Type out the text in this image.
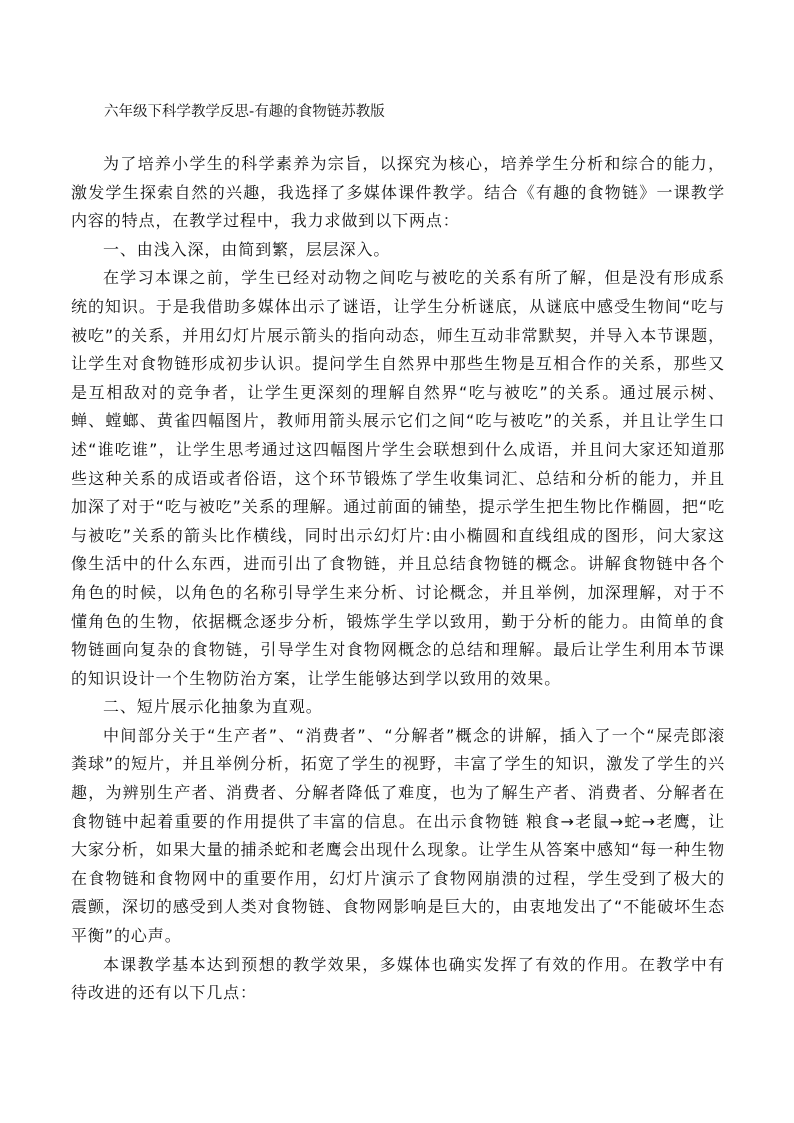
六年级下科学教学反思-有趣的食物链苏教版

为了培养小学生的科学素养为宗旨，以探究为核心，培养学生分析和综合的能力，激发学生探索自然的兴趣，我选择了多媒体课件教学。结合《有趣的食物链》一课教学内容的特点，在教学过程中，我力求做到以下两点：

一、由浅入深，由简到繁，层层深入。

在学习本课之前，学生已经对动物之间吃与被吃的关系有所了解，但是没有形成系统的知识。于是我借助多媒体出示了谜语，让学生分析谜底，从谜底中感受生物间“吃与被吃”的关系，并用幻灯片展示箭头的指向动态，师生互动非常默契，并导入本节课题，让学生对食物链形成初步认识。提问学生自然界中那些生物是互相合作的关系，那些又是互相敌对的竞争者，让学生更深刻的理解自然界“吃与被吃”的关系。通过展示树、蝉、螳螂、黄雀四幅图片，教师用箭头展示它们之间“吃与被吃”的关系，并且让学生口述“谁吃谁”，让学生思考通过这四幅图片学生会联想到什么成语，并且问大家还知道那些这种关系的成语或者俗语，这个环节锻炼了学生收集词汇、总结和分析的能力，并且加深了对于“吃与被吃”关系的理解。通过前面的铺垫，提示学生把生物比作椭圆，把“吃与被吃”关系的箭头比作横线，同时出示幻灯片:由小椭圆和直线组成的图形，问大家这像生活中的什么东西，进而引出了食物链，并且总结食物链的概念。讲解食物链中各个角色的时候，以角色的名称引导学生来分析、讨论概念，并且举例，加深理解，对于不懂角色的生物，依据概念逐步分析，锻炼学生学以致用，勤于分析的能力。由简单的食物链画向复杂的食物链，引导学生对食物网概念的总结和理解。最后让学生利用本节课的知识设计一个生物防治方案，让学生能够达到学以致用的效果。

二、短片展示化抽象为直观。

中间部分关于“生产者”、“消费者”、“分解者”概念的讲解，插入了一个“屎壳郎滚粪球”的短片，并且举例分析，拓宽了学生的视野，丰富了学生的知识，激发了学生的兴趣，为辨别生产者、消费者、分解者降低了难度，也为了解生产者、消费者、分解者在食物链中起着重要的作用提供了丰富的信息。在出示食物链 粮食→老鼠→蛇→老鹰，让大家分析，如果大量的捕杀蛇和老鹰会出现什么现象。让学生从答案中感知“每一种生物在食物链和食物网中的重要作用，幻灯片演示了食物网崩溃的过程，学生受到了极大的震颤，深切的感受到人类对食物链、食物网影响是巨大的，由衷地发出了“不能破坏生态平衡”的心声。

本课教学基本达到预想的教学效果，多媒体也确实发挥了有效的作用。在教学中有待改进的还有以下几点：
